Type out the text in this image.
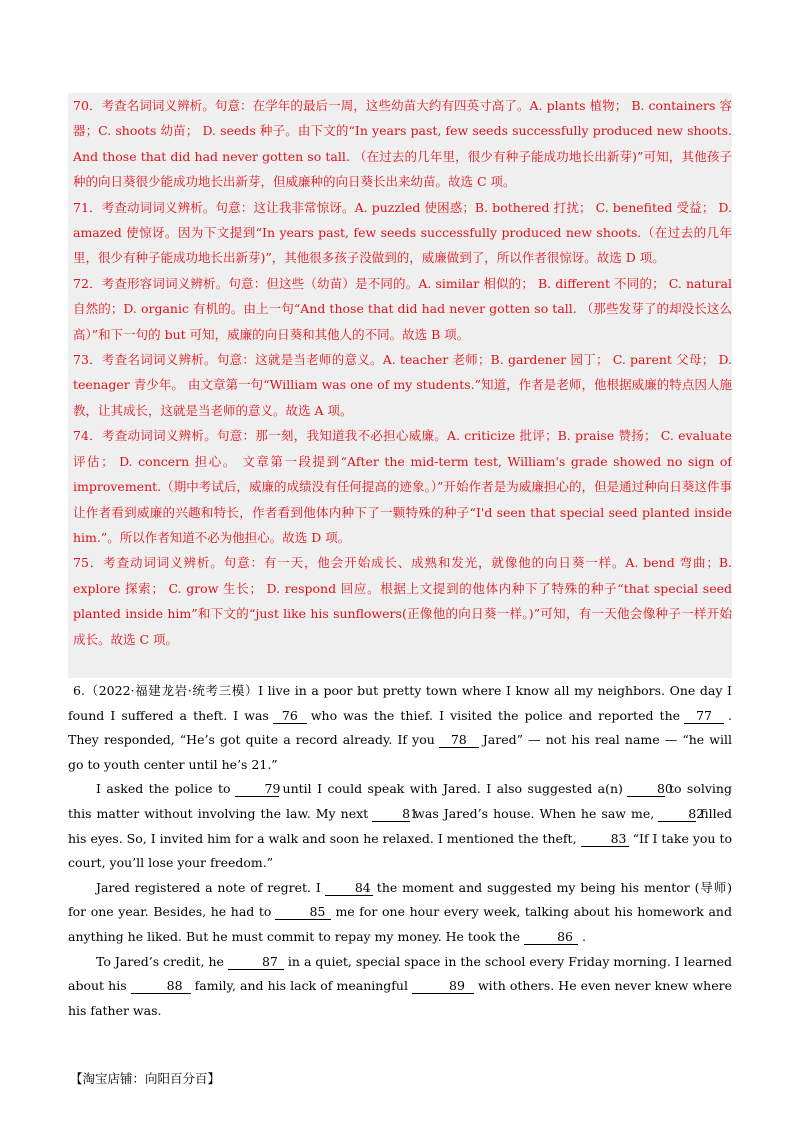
70．考查名词词义辨析。句意：在学年的最后一周，这些幼苗大约有四英寸高了。A. plants 植物； B. containers 容器；C. shoots 幼苗； D. seeds 种子。由下文的“In years past, few seeds successfully produced new shoots. And those that did had never gotten so tall. （在过去的几年里，很少有种子能成功地长出新芽)”可知，其他孩子种的向日葵很少能成功地长出新芽，但威廉种的向日葵长出来幼苗。故选 C 项。

71．考查动词词义辨析。句意：这让我非常惊讶。A. puzzled 使困惑；B. bothered 打扰； C. benefited 受益； D. amazed 使惊讶。因为下文提到“In years past, few seeds successfully produced new shoots.（在过去的几年里，很少有种子能成功地长出新芽)”，其他很多孩子没做到的，威廉做到了，所以作者很惊讶。故选 D 项。

72．考查形容词词义辨析。句意：但这些（幼苗）是不同的。A. similar 相似的； B. different 不同的； C. natural 自然的；D. organic 有机的。由上一句“And those that did had never gotten so tall. （那些发芽了的却没长这么高）”和下一句的 but 可知，威廉的向日葵和其他人的不同。故选 B 项。

73．考查名词词义辨析。句意：这就是当老师的意义。A. teacher 老师；B. gardener 园丁； C. parent 父母； D. teenager 青少年。 由文章第一句“William was one of my students.”知道，作者是老师，他根据威廉的特点因人施教，让其成长，这就是当老师的意义。故选 A 项。

74．考查动词词义辨析。句意：那一刻，我知道我不必担心威廉。A. criticize 批评；B. praise 赞扬； C. evaluate 评估； D. concern 担心。 文章第一段提到“After the mid-term test, William's grade showed no sign of improvement.（期中考试后，威廉的成绩没有任何提高的迹象。）”开始作者是为威廉担心的，但是通过种向日葵这件事让作者看到威廉的兴趣和特长，作者看到他体内种下了一颗特殊的种子“I'd seen that special seed planted inside him.”。所以作者知道不必为他担心。故选 D 项。

75．考查动词词义辨析。句意：有一天，他会开始成长、成熟和发光，就像他的向日葵一样。A. bend 弯曲；B. explore 探索； C. grow 生长； D. respond 回应。根据上文提到的他体内种下了特殊的种子“that special seed planted inside him”和下文的“just like his sunflowers(正像他的向日葵一样。)”可知，有一天他会像种子一样开始成长。故选 C 项。

6.（2022·福建龙岩·统考三模）I live in a poor but pretty town where I know all my neighbors. One day I found I suffered a theft. I was 76 who was the thief. I visited the police and reported the 77 . They responded, “He’s got quite a record already. If you 78 Jared” — not his real name — “he will go to youth center until he’s 21.”

I asked the police to	79 until I could speak with Jared. I also suggested a(n)	80to solving this matter without involving the law. My next	81was Jared’s house. When he saw me,	82filled his eyes. So, I invited him for a walk and soon he relaxed. I mentioned the theft,	83 “If I take you to court, you’ll lose your freedom.”

Jared registered a note of regret. I	84 the moment and suggested my being his mentor (导师) for one year. Besides, he had to	85 me for one hour every week, talking about his homework and anything he liked. But he must commit to repay my money. He took the	86 .

To Jared’s credit, he	87 in a quiet, special space in the school every Friday morning. I learned about his	88 family, and his lack of meaningful	89 with others. He even never knew where his father was.

【淘宝店铺：向阳百分百】
